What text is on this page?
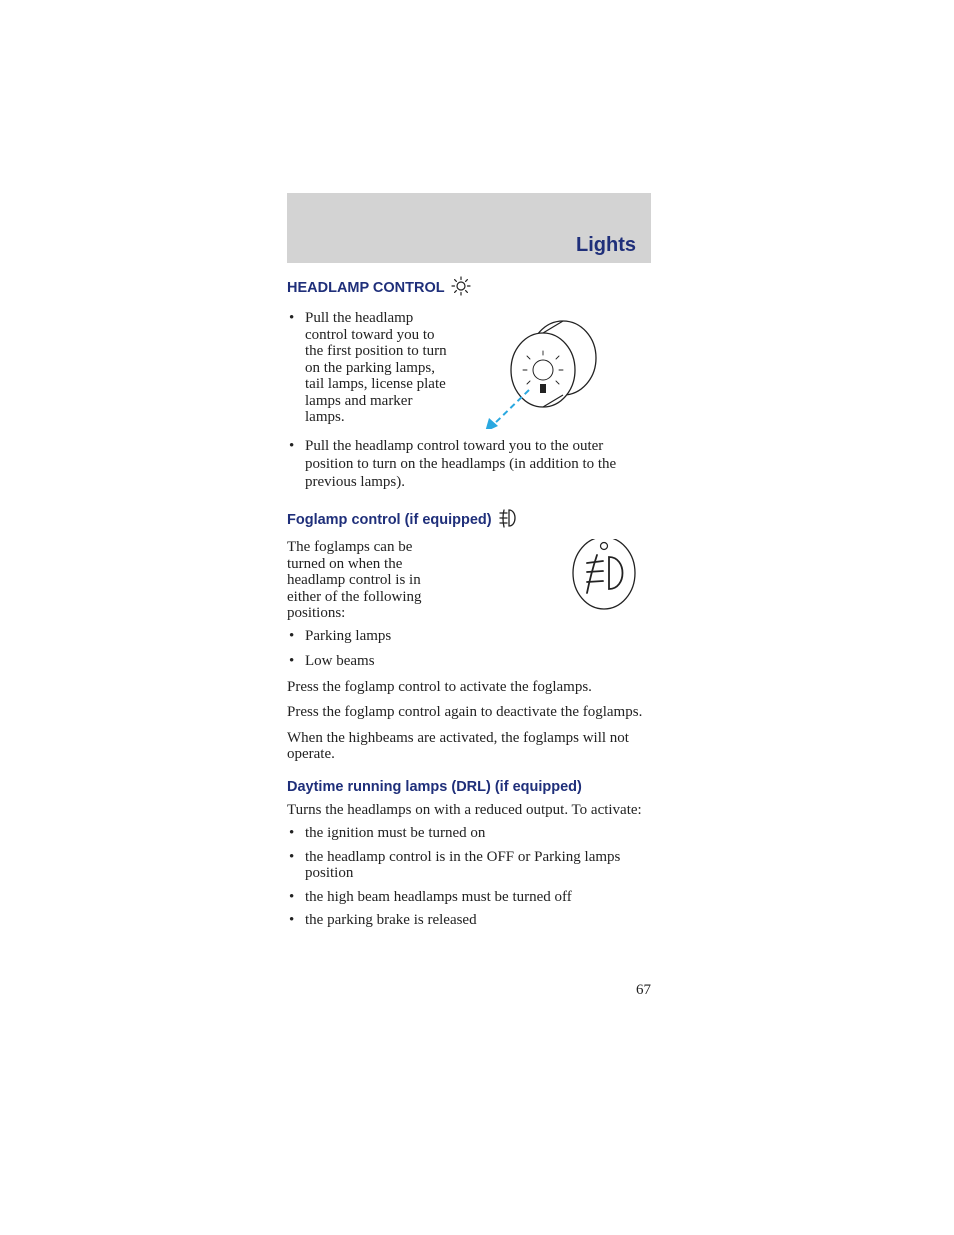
Lights
HEADLAMP CONTROL
• Pull the headlamp control toward you to the first position to turn on the parking lamps, tail lamps, license plate lamps and marker lamps.
• Pull the headlamp control toward you to the outer position to turn on the headlamps (in addition to the previous lamps).
Foglamp control (if equipped)

The foglamps can be turned on when the headlamp control is in either of the following positions:

• Parking lamps
• Low beams

Press the foglamp control to activate the foglamps.

Press the foglamp control again to deactivate the foglamps.

When the highbeams are activated, the foglamps will not operate.

Daytime running lamps (DRL) (if equipped)

Turns the headlamps on with a reduced output. To activate:

• the ignition must be turned on
• the headlamp control is in the OFF or Parking lamps position
• the high beam headlamps must be turned off
• the parking brake is released
67
